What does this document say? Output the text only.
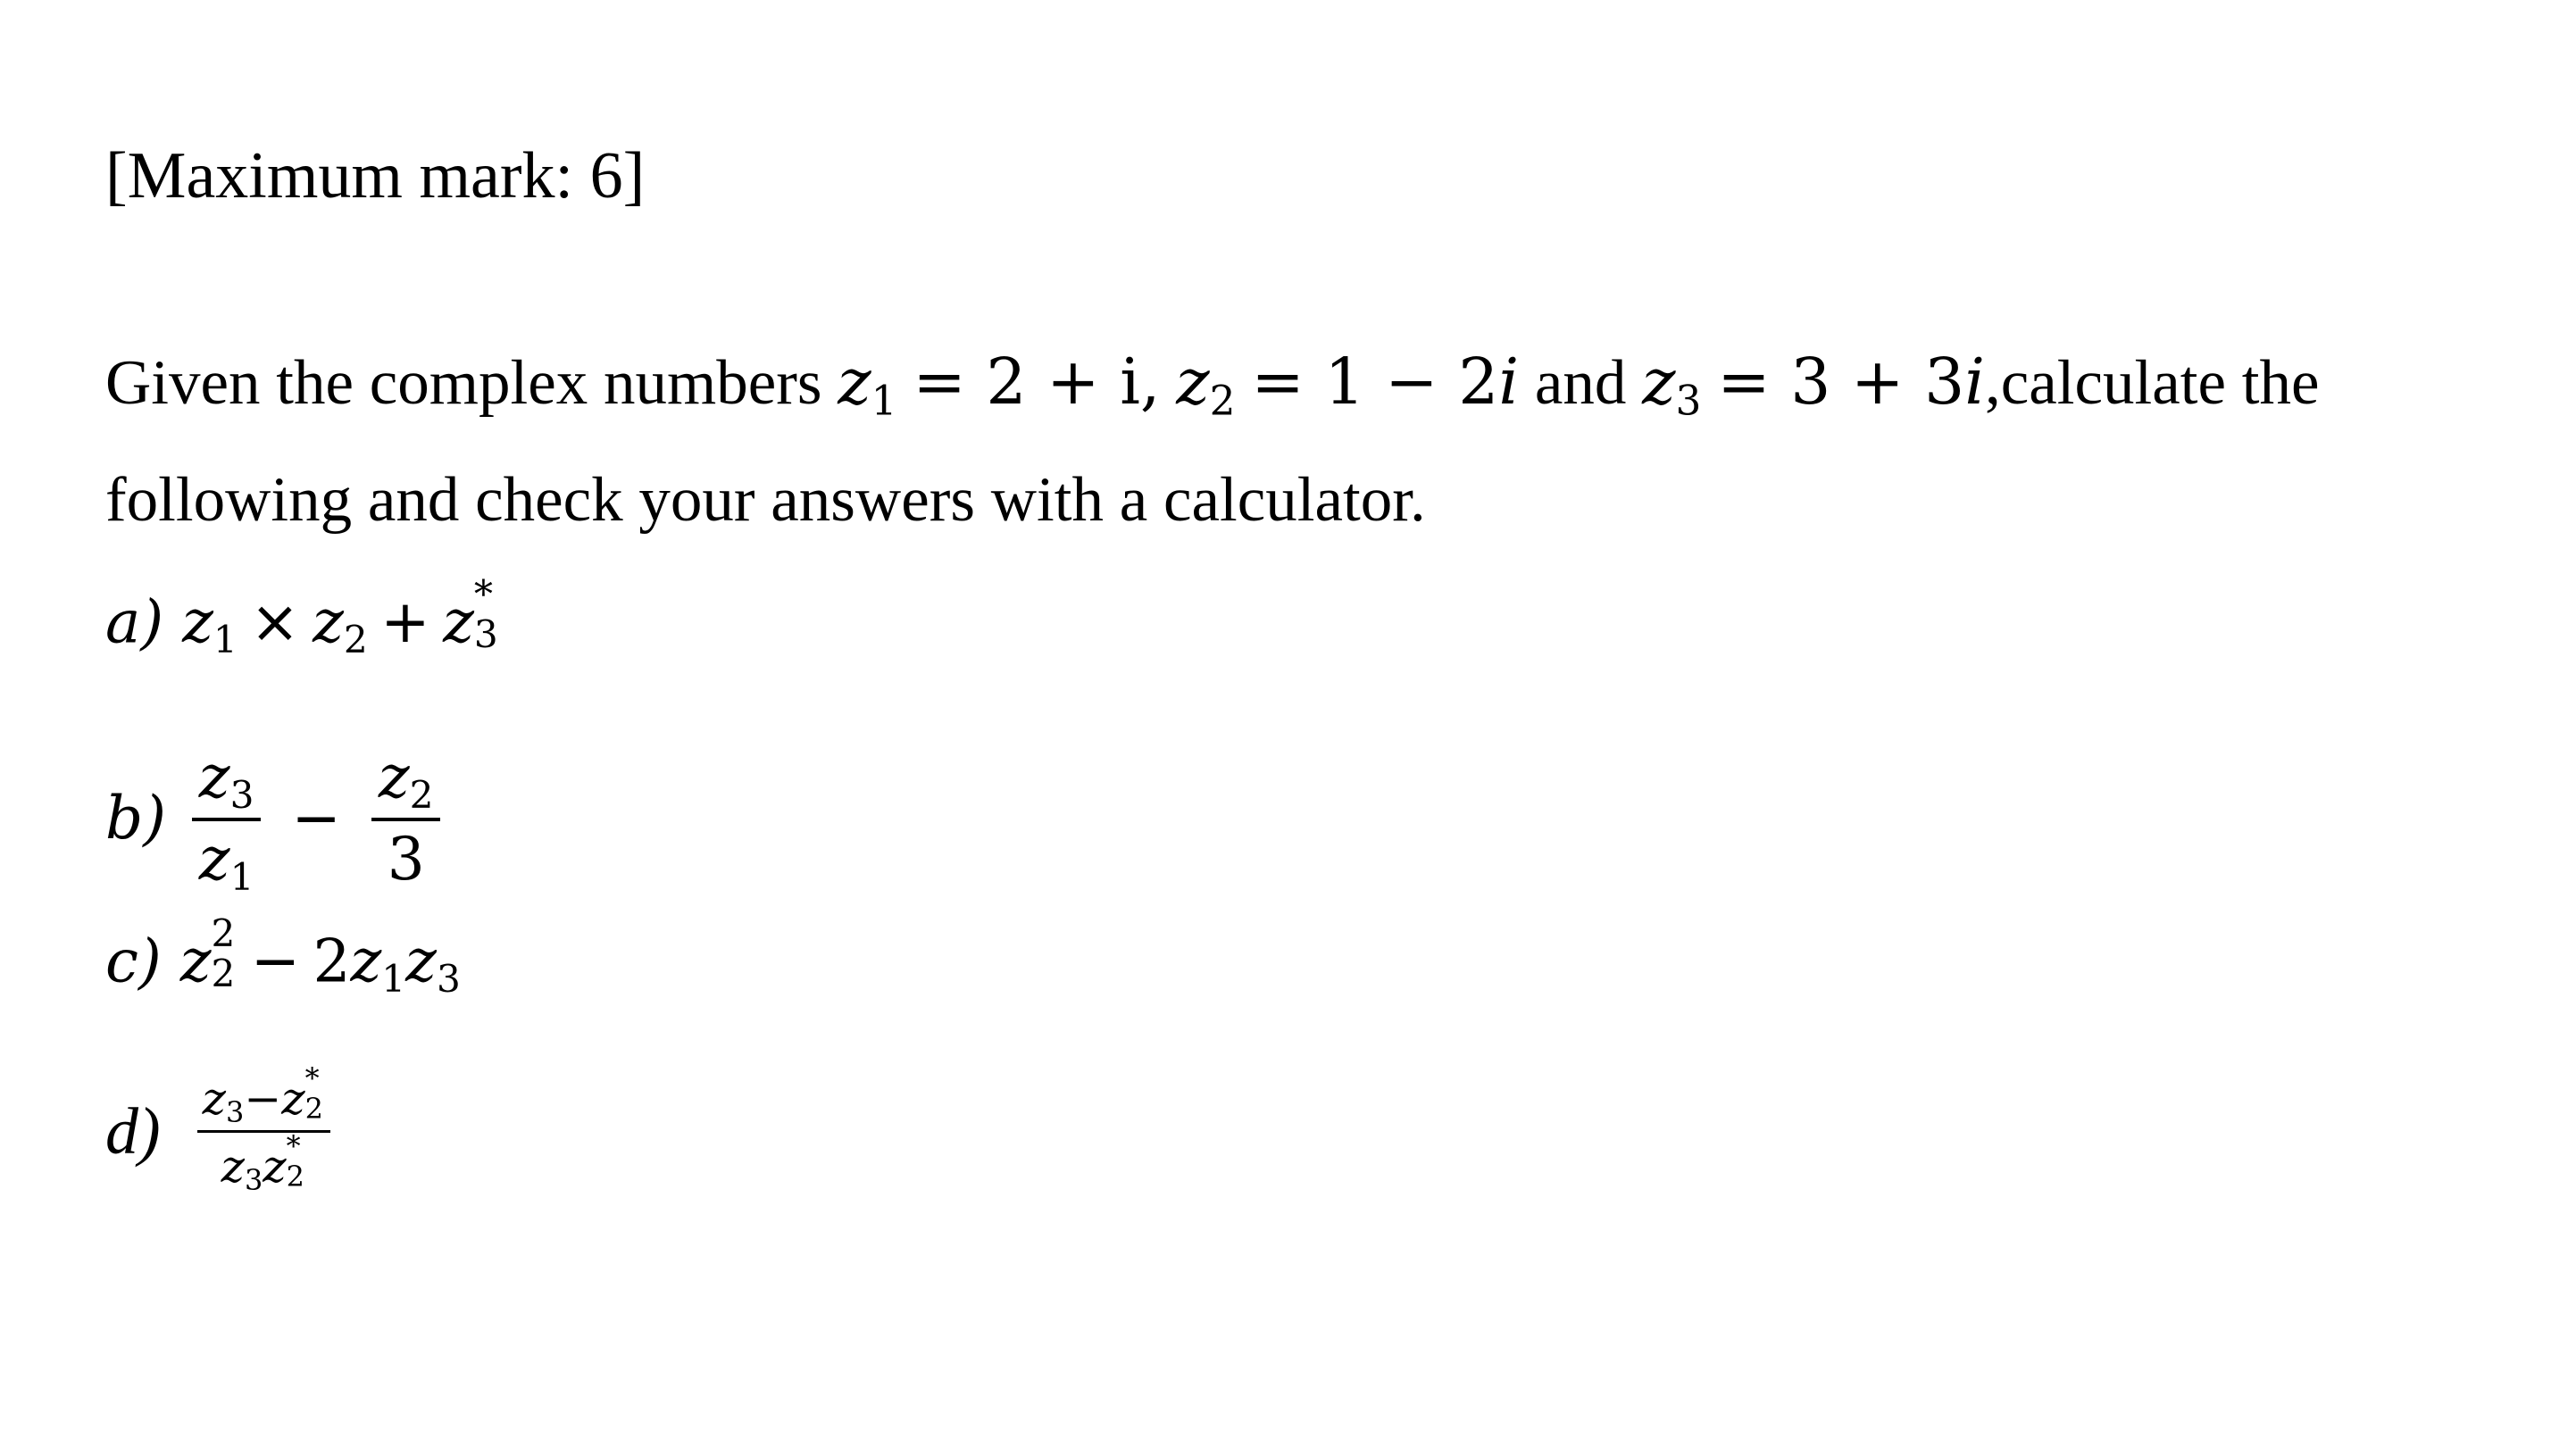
[Maximum mark: 6]
Given the complex numbers $z_1 = 2 + i$, $z_2 = 1 - 2i$ and $z_3 = 3$ + 3i,calculate the
following and check your answers with a calculator.
a) $z_1 \times z_2 + z$ *
3
$b) \frac{z_3}{z_1} - \frac{z_2}{3}$
c) z 2
$2 - 2z_1z_3$
d) $z_3-z$ *
2
$z_3z$ *
2
